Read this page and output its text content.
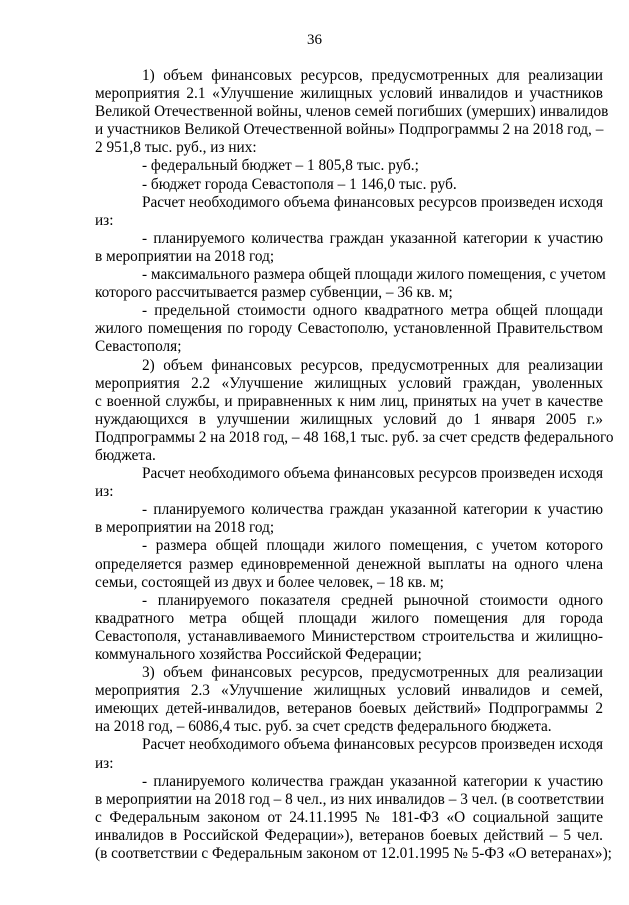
36
1) объем финансовых ресурсов, предусмотренных для реализации
мероприятия 2.1 «Улучшение жилищных условий инвалидов и участников
Великой Отечественной войны, членов семей погибших (умерших) инвалидов
и участников Великой Отечественной войны» Подпрограммы 2 на 2018 год, –
2 951,8 тыс. руб., из них:
- федеральный бюджет – 1 805,8 тыс. руб.;
- бюджет города Севастополя – 1 146,0 тыс. руб.
Расчет необходимого объема финансовых ресурсов произведен исходя
из:
- планируемого количества граждан указанной категории к участию
в мероприятии на 2018 год;
- максимального размера общей площади жилого помещения, с учетом
которого рассчитывается размер субвенции, – 36 кв. м;
- предельной стоимости одного квадратного метра общей площади
жилого помещения по городу Севастополю, установленной Правительством
Севастополя;
2) объем финансовых ресурсов, предусмотренных для реализации
мероприятия 2.2 «Улучшение жилищных условий граждан, уволенных
с военной службы, и приравненных к ним лиц, принятых на учет в качестве
нуждающихся в улучшении жилищных условий до 1 января 2005 г.»
Подпрограммы 2 на 2018 год, – 48 168,1 тыс. руб. за счет средств федерального
бюджета.
Расчет необходимого объема финансовых ресурсов произведен исходя
из:
- планируемого количества граждан указанной категории к участию
в мероприятии на 2018 год;
- размера общей площади жилого помещения, с учетом которого
определяется размер единовременной денежной выплаты на одного члена
семьи, состоящей из двух и более человек, – 18 кв. м;
- планируемого показателя средней рыночной стоимости одного
квадратного метра общей площади жилого помещения для города
Севастополя, устанавливаемого Министерством строительства и жилищно-
коммунального хозяйства Российской Федерации;
3) объем финансовых ресурсов, предусмотренных для реализации
мероприятия 2.3 «Улучшение жилищных условий инвалидов и семей,
имеющих детей-инвалидов, ветеранов боевых действий» Подпрограммы 2
на 2018 год, – 6086,4 тыс. руб. за счет средств федерального бюджета.
Расчет необходимого объема финансовых ресурсов произведен исходя
из:
- планируемого количества граждан указанной категории к участию
в мероприятии на 2018 год – 8 чел., из них инвалидов – 3 чел. (в соответствии
с Федеральным законом от 24.11.1995 № 181-ФЗ «О социальной защите
инвалидов в Российской Федерации»), ветеранов боевых действий – 5 чел.
(в соответствии с Федеральным законом от 12.01.1995 № 5-ФЗ «О ветеранах»);
